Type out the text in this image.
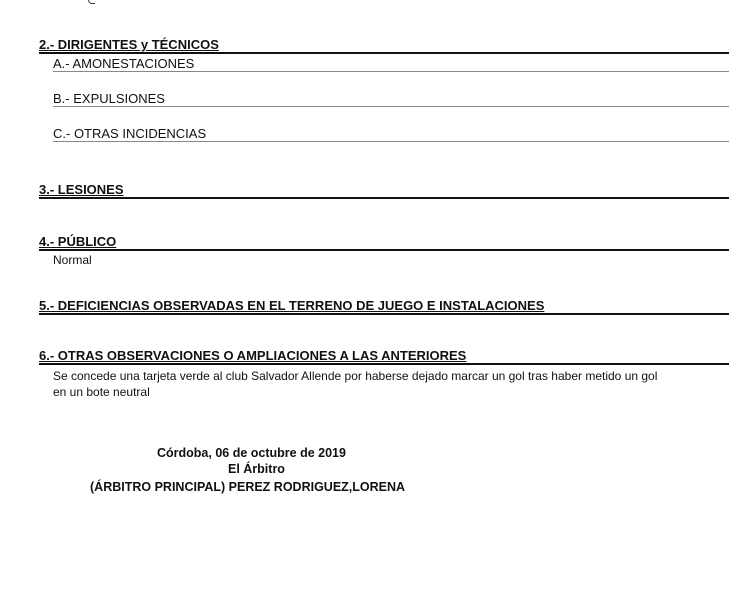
2.- DIRIGENTES y TÉCNICOS
A.- AMONESTACIONES
B.- EXPULSIONES
C.- OTRAS INCIDENCIAS
3.- LESIONES
4.- PÚBLICO
Normal
5.- DEFICIENCIAS OBSERVADAS EN EL TERRENO DE JUEGO E INSTALACIONES
6.- OTRAS OBSERVACIONES O AMPLIACIONES A LAS ANTERIORES
Se concede una tarjeta verde al club Salvador Allende por haberse dejado marcar un gol tras haber metido un gol
en un bote neutral
Córdoba, 06 de octubre de 2019
El Árbitro
(ÁRBITRO PRINCIPAL) PEREZ RODRIGUEZ,LORENA
